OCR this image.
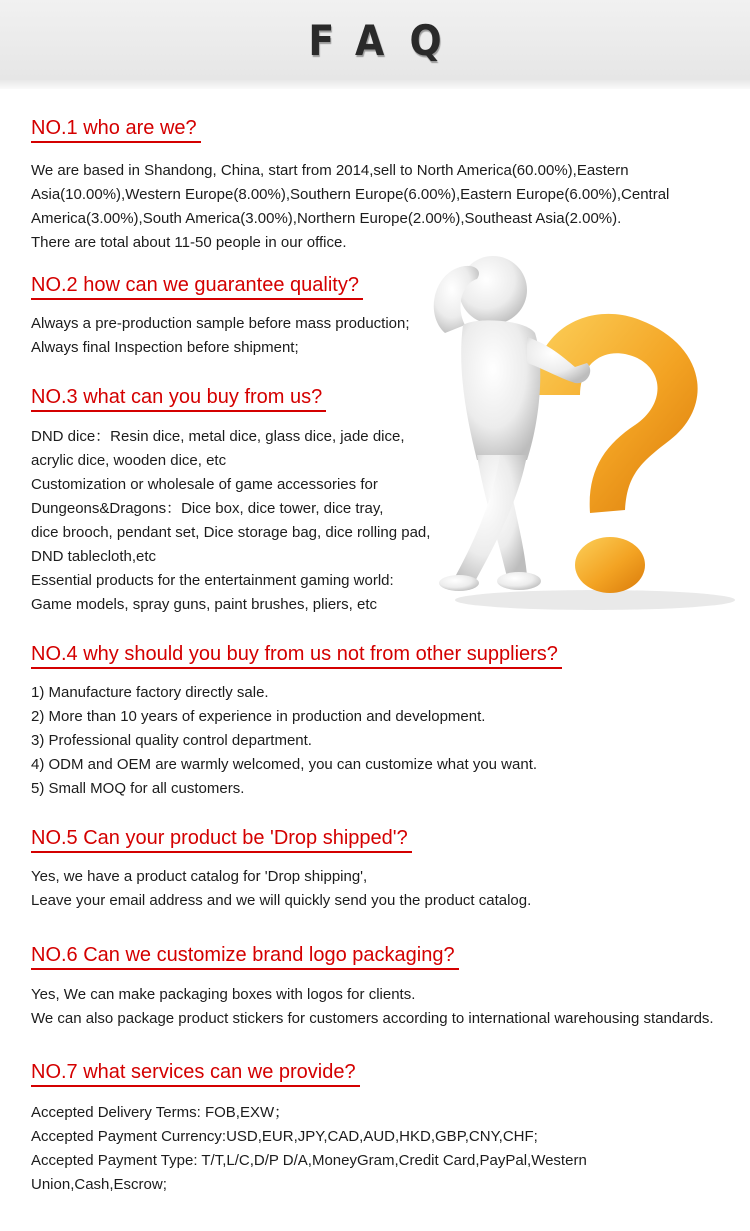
FAQ
NO.1 who are we?
We are based in Shandong, China, start from 2014,sell to North America(60.00%),Eastern
Asia(10.00%),Western Europe(8.00%),Southern Europe(6.00%),Eastern Europe(6.00%),Central
America(3.00%),South America(3.00%),Northern Europe(2.00%),Southeast Asia(2.00%).
There are total about 11-50 people in our office.
NO.2 how can we guarantee quality?
Always a pre-production sample before mass production;
Always final Inspection before shipment;
NO.3 what can you buy from us?
DND dice：Resin dice, metal dice, glass dice, jade dice,
acrylic dice, wooden dice, etc
Customization or wholesale of game accessories for
Dungeons&Dragons：Dice box, dice tower, dice tray,
dice brooch, pendant set, Dice storage bag, dice rolling pad,
DND tablecloth,etc
Essential products for the entertainment gaming world:
Game models, spray guns, paint brushes, pliers, etc
NO.4 why should you buy from us not from other suppliers?
1) Manufacture factory directly sale.
2) More than 10 years of experience in production and development.
3) Professional quality control department.
4) ODM and OEM are warmly welcomed, you can customize what you want.
5) Small MOQ for all customers.
NO.5 Can your product be 'Drop shipped'?
Yes, we have a product catalog for 'Drop shipping',
Leave your email address and we will quickly send you the product catalog.
NO.6 Can we customize brand logo packaging?
Yes, We can make packaging boxes with logos for clients.
We can also package product stickers for customers according to international warehousing standards.
NO.7 what services can we provide?
Accepted Delivery Terms: FOB,EXW；
Accepted Payment Currency:USD,EUR,JPY,CAD,AUD,HKD,GBP,CNY,CHF;
Accepted Payment Type: T/T,L/C,D/P D/A,MoneyGram,Credit Card,PayPal,Western
Union,Cash,Escrow;
